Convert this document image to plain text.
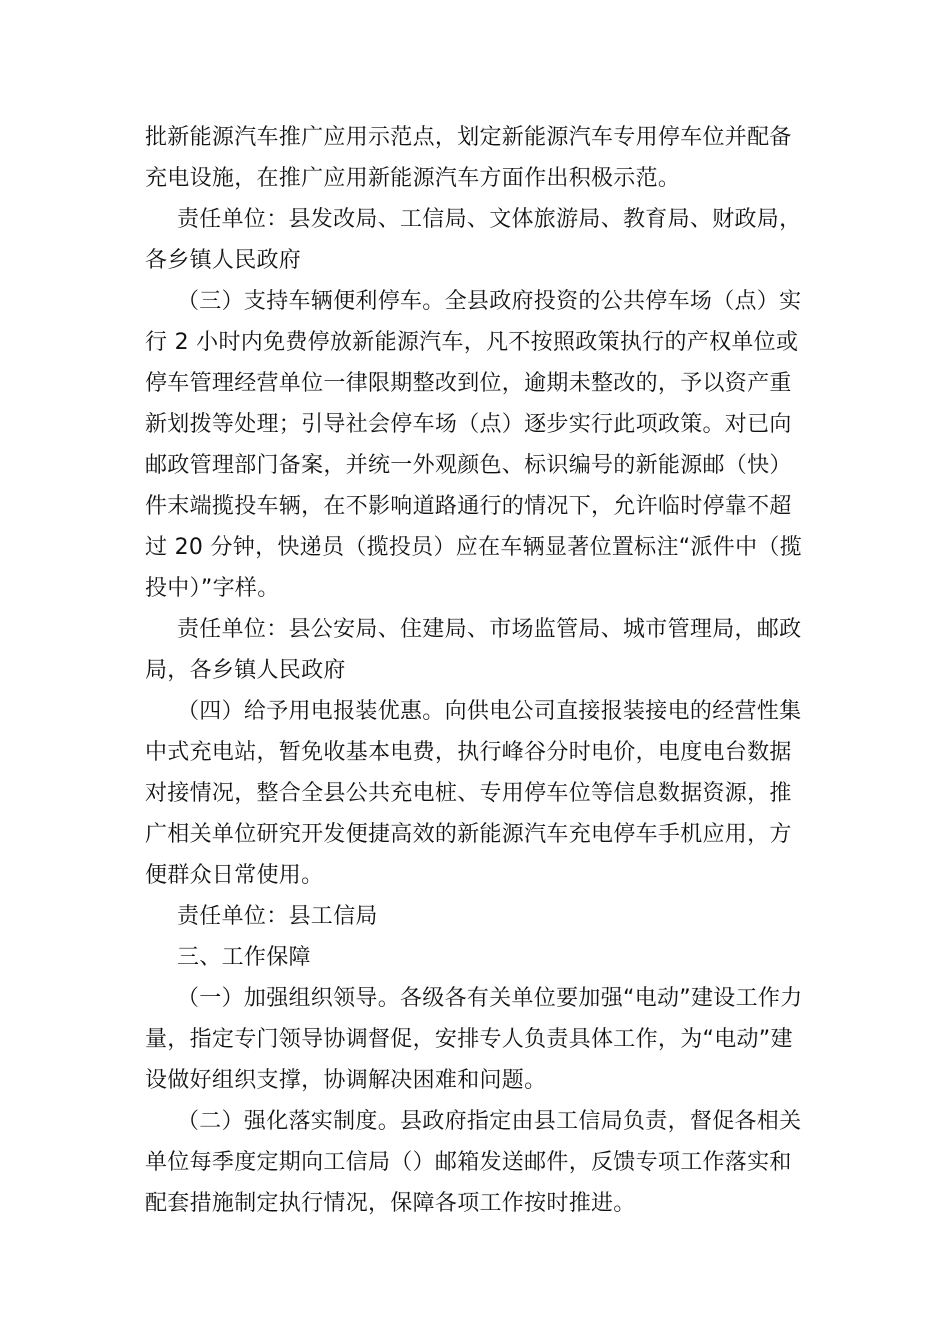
批新能源汽车推广应用示范点，划定新能源汽车专用停车位并配备
充电设施，在推广应用新能源汽车方面作出积极示范。
责任单位：县发改局、工信局、文体旅游局、教育局、财政局，
各乡镇人民政府
（三）支持车辆便利停车。全县政府投资的公共停车场（点）实
行 2 小时内免费停放新能源汽车，凡不按照政策执行的产权单位或
停车管理经营单位一律限期整改到位，逾期未整改的，予以资产重
新划拨等处理；引导社会停车场（点）逐步实行此项政策。对已向
邮政管理部门备案，并统一外观颜色、标识编号的新能源邮（快）
件末端揽投车辆，在不影响道路通行的情况下，允许临时停靠不超
过 20 分钟，快递员（揽投员）应在车辆显著位置标注“派件中（揽
投中）”字样。
责任单位：县公安局、住建局、市场监管局、城市管理局，邮政
局，各乡镇人民政府
（四）给予用电报装优惠。向供电公司直接报装接电的经营性集
中式充电站，暂免收基本电费，执行峰谷分时电价，电度电台数据
对接情况，整合全县公共充电桩、专用停车位等信息数据资源，推
广相关单位研究开发便捷高效的新能源汽车充电停车手机应用，方
便群众日常使用。
责任单位：县工信局
三、工作保障
（一）加强组织领导。各级各有关单位要加强“电动”建设工作力
量，指定专门领导协调督促，安排专人负责具体工作，为“电动”建
设做好组织支撑，协调解决困难和问题。
（二）强化落实制度。县政府指定由县工信局负责，督促各相关
单位每季度定期向工信局（）邮箱发送邮件，反馈专项工作落实和
配套措施制定执行情况，保障各项工作按时推进。
